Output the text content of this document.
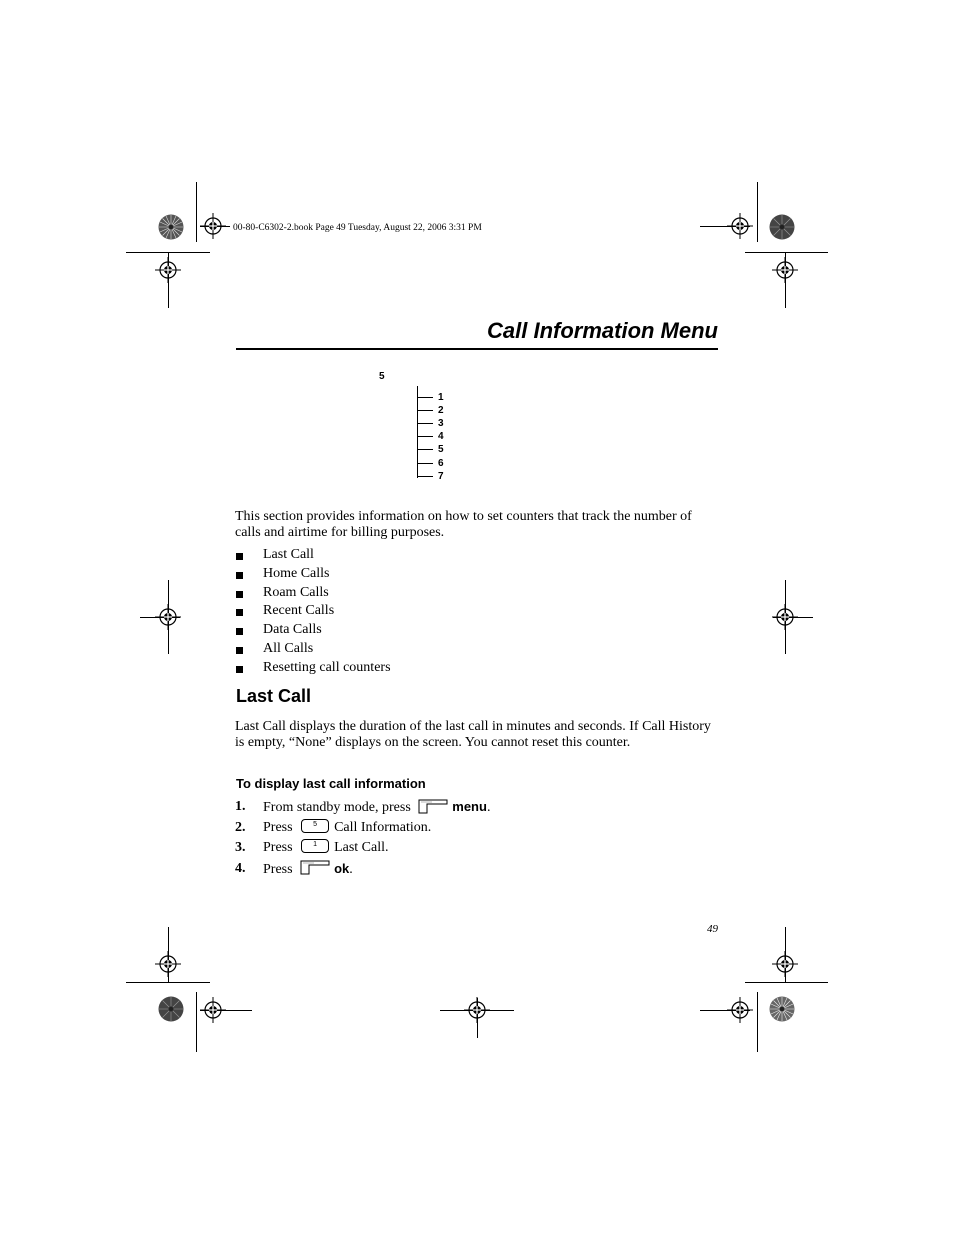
00-80-C6302-2.book Page 49 Tuesday, August 22, 2006 3:31 PM
Call Information Menu
5
1
2
3
4
5
6
7
This section provides information on how to set counters that track the number of calls and airtime for billing purposes.
Last Call
Home Calls
Roam Calls
Recent Calls
Data Calls
All Calls
Resetting call counters
Last Call
Last Call displays the duration of the last call in minutes and seconds. If Call History is empty, “None” displays on the screen. You cannot reset this counter.
To display last call information
1. From standby mode, press	menu.
2. Press	5 Call Information.
3. Press	1 Last Call.
4. Press	ok.
49
